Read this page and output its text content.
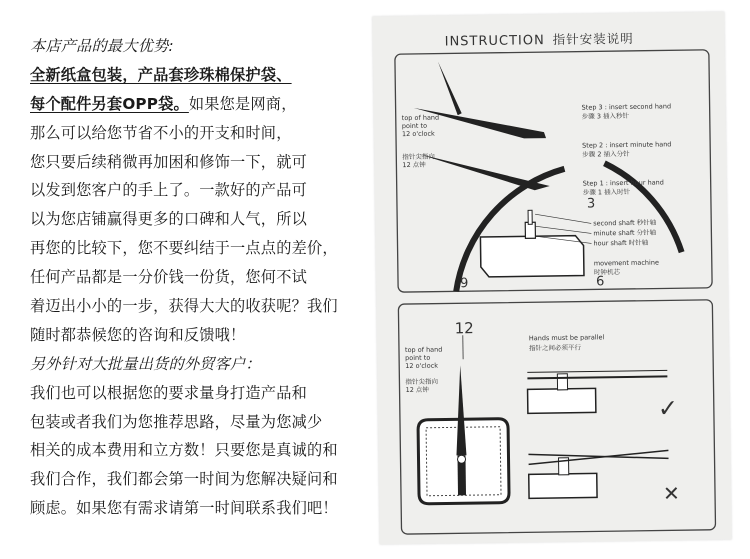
本店产品的最大优势:
全新纸盒包装，产品套珍珠棉保护袋、
每个配件另套OPP袋。如果您是网商，
那么可以给您节省不小的开支和时间，
您只要后续稍微再加困和修饰一下，就可
以发到您客户的手上了。一款好的产品可
以为您店铺赢得更多的口碑和人气，所以
再您的比较下，您不要纠结于一点点的差价，
任何产品都是一分价钱一份货，您何不试
着迈出小小的一步，获得大大的收获呢？我们
随时都恭候您的咨询和反馈哦！
另外针对大批量出货的外贸客户：
我们也可以根据您的要求量身打造产品和
包装或者我们为您推荐思路，尽量为您减少
相关的成本费用和立方数！只要您是真诚的和
我们合作，我们都会第一时间为您解决疑问和
顾虑。如果您有需求请第一时间联系我们吧！
INSTRUCTION 指针安装说明
3
6
9
top of hand
point to
12 o'clock
指针尖指向
12 点钟
Step 3 : insert second hand
步骤 3 插入秒针
Step 2 : insert minute hand
步骤 2 插入分针
Step 1 : insert hour hand
步骤 1 插入时针
second shaft 秒针轴
minute shaft 分针轴
hour shaft 时针轴
movement machine
时钟机芯
12
top of hand
point to
12 o'clock
指针尖指向
12 点钟
Hands must be parallel
指针之间必须平行
✓
✕
